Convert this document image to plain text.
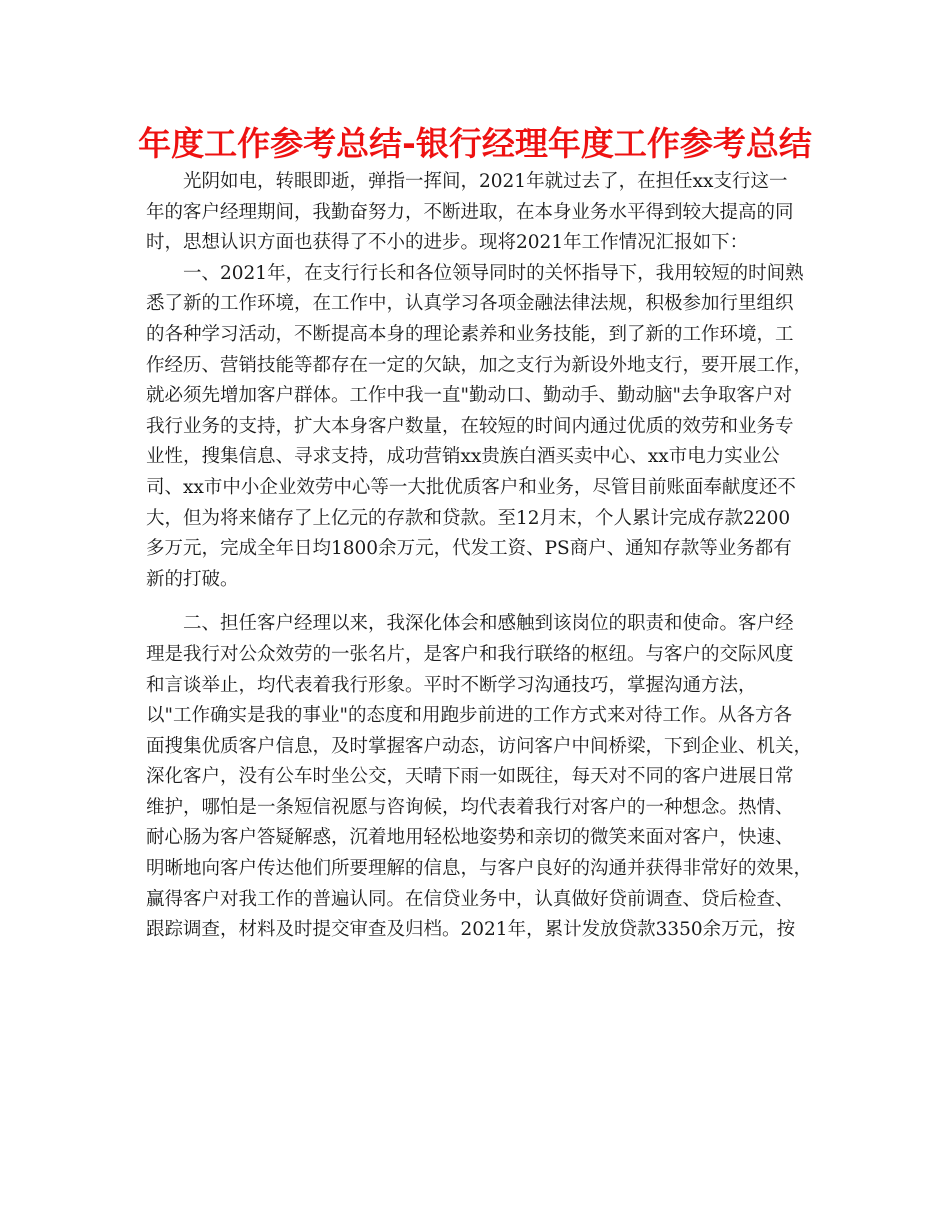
年度工作参考总结-银行经理年度工作参考总结
光阴如电，转眼即逝，弹指一挥间，2021年就过去了，在担任xx支行这一
年的客户经理期间，我勤奋努力，不断进取，在本身业务水平得到较大提高的同
时，思想认识方面也获得了不小的进步。现将2021年工作情况汇报如下：
一、2021年，在支行行长和各位领导同时的关怀指导下，我用较短的时间熟
悉了新的工作环境，在工作中，认真学习各项金融法律法规，积极参加行里组织
的各种学习活动，不断提高本身的理论素养和业务技能，到了新的工作环境，工
作经历、营销技能等都存在一定的欠缺，加之支行为新设外地支行，要开展工作，
就必须先增加客户群体。工作中我一直"勤动口、勤动手、勤动脑"去争取客户对
我行业务的支持，扩大本身客户数量，在较短的时间内通过优质的效劳和业务专
业性，搜集信息、寻求支持，成功营销xx贵族白酒买卖中心、xx市电力实业公
司、xx市中小企业效劳中心等一大批优质客户和业务，尽管目前账面奉献度还不
大，但为将来储存了上亿元的存款和贷款。至12月末，个人累计完成存款2200
多万元，完成全年日均1800余万元，代发工资、PS商户、通知存款等业务都有
新的打破。
二、担任客户经理以来，我深化体会和感触到该岗位的职责和使命。客户经
理是我行对公众效劳的一张名片，是客户和我行联络的枢纽。与客户的交际风度
和言谈举止，均代表着我行形象。平时不断学习沟通技巧，掌握沟通方法，
以"工作确实是我的事业"的态度和用跑步前进的工作方式来对待工作。从各方各
面搜集优质客户信息，及时掌握客户动态，访问客户中间桥梁，下到企业、机关，
深化客户，没有公车时坐公交，天晴下雨一如既往，每天对不同的客户进展日常
维护，哪怕是一条短信祝愿与咨询候，均代表着我行对客户的一种想念。热情、
耐心肠为客户答疑解惑，沉着地用轻松地姿势和亲切的微笑来面对客户，快速、
明晰地向客户传达他们所要理解的信息，与客户良好的沟通并获得非常好的效果，
赢得客户对我工作的普遍认同。在信贷业务中，认真做好贷前调查、贷后检查、
跟踪调查，材料及时提交审查及归档。2021年，累计发放贷款3350余万元，按
